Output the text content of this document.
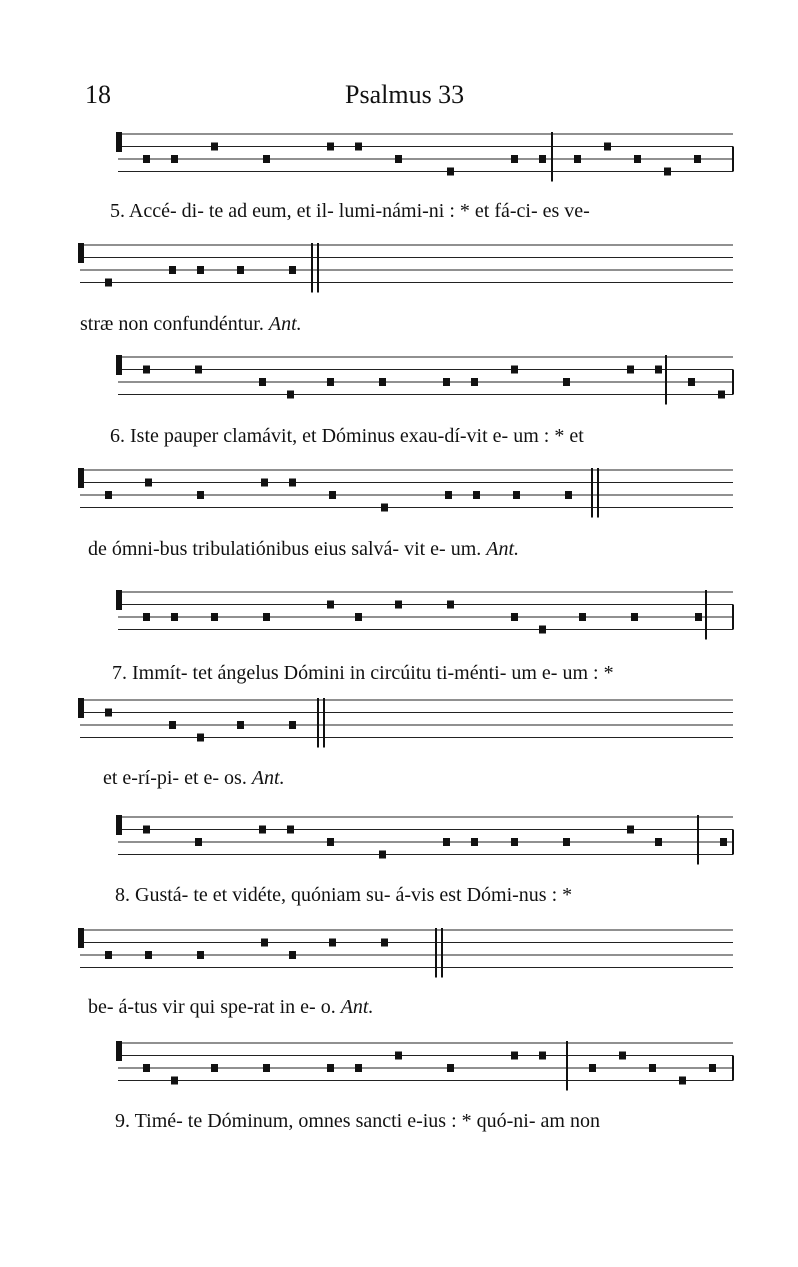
18	Psalmus 33
5. Accé- di- te ad eum, et il- lumi-námi-ni : * et fá-ci- es ve-
stræ non confundéntur. Ant.
6. Iste pauper clamávit, et Dóminus exau-dí-vit e- um : * et
de ómni-bus tribulatiónibus eius salvá- vit e- um. Ant.
7. Immít- tet ángelus Dómini in circúitu ti-ménti- um e- um : *
et e-rí-pi- et e- os. Ant.
8. Gustá- te et vidéte, quóniam su- á-vis est Dómi-nus : *
be- á-tus vir qui spe-rat in e- o. Ant.
9. Timé- te Dóminum, omnes sancti e-ius : * quó-ni- am non
